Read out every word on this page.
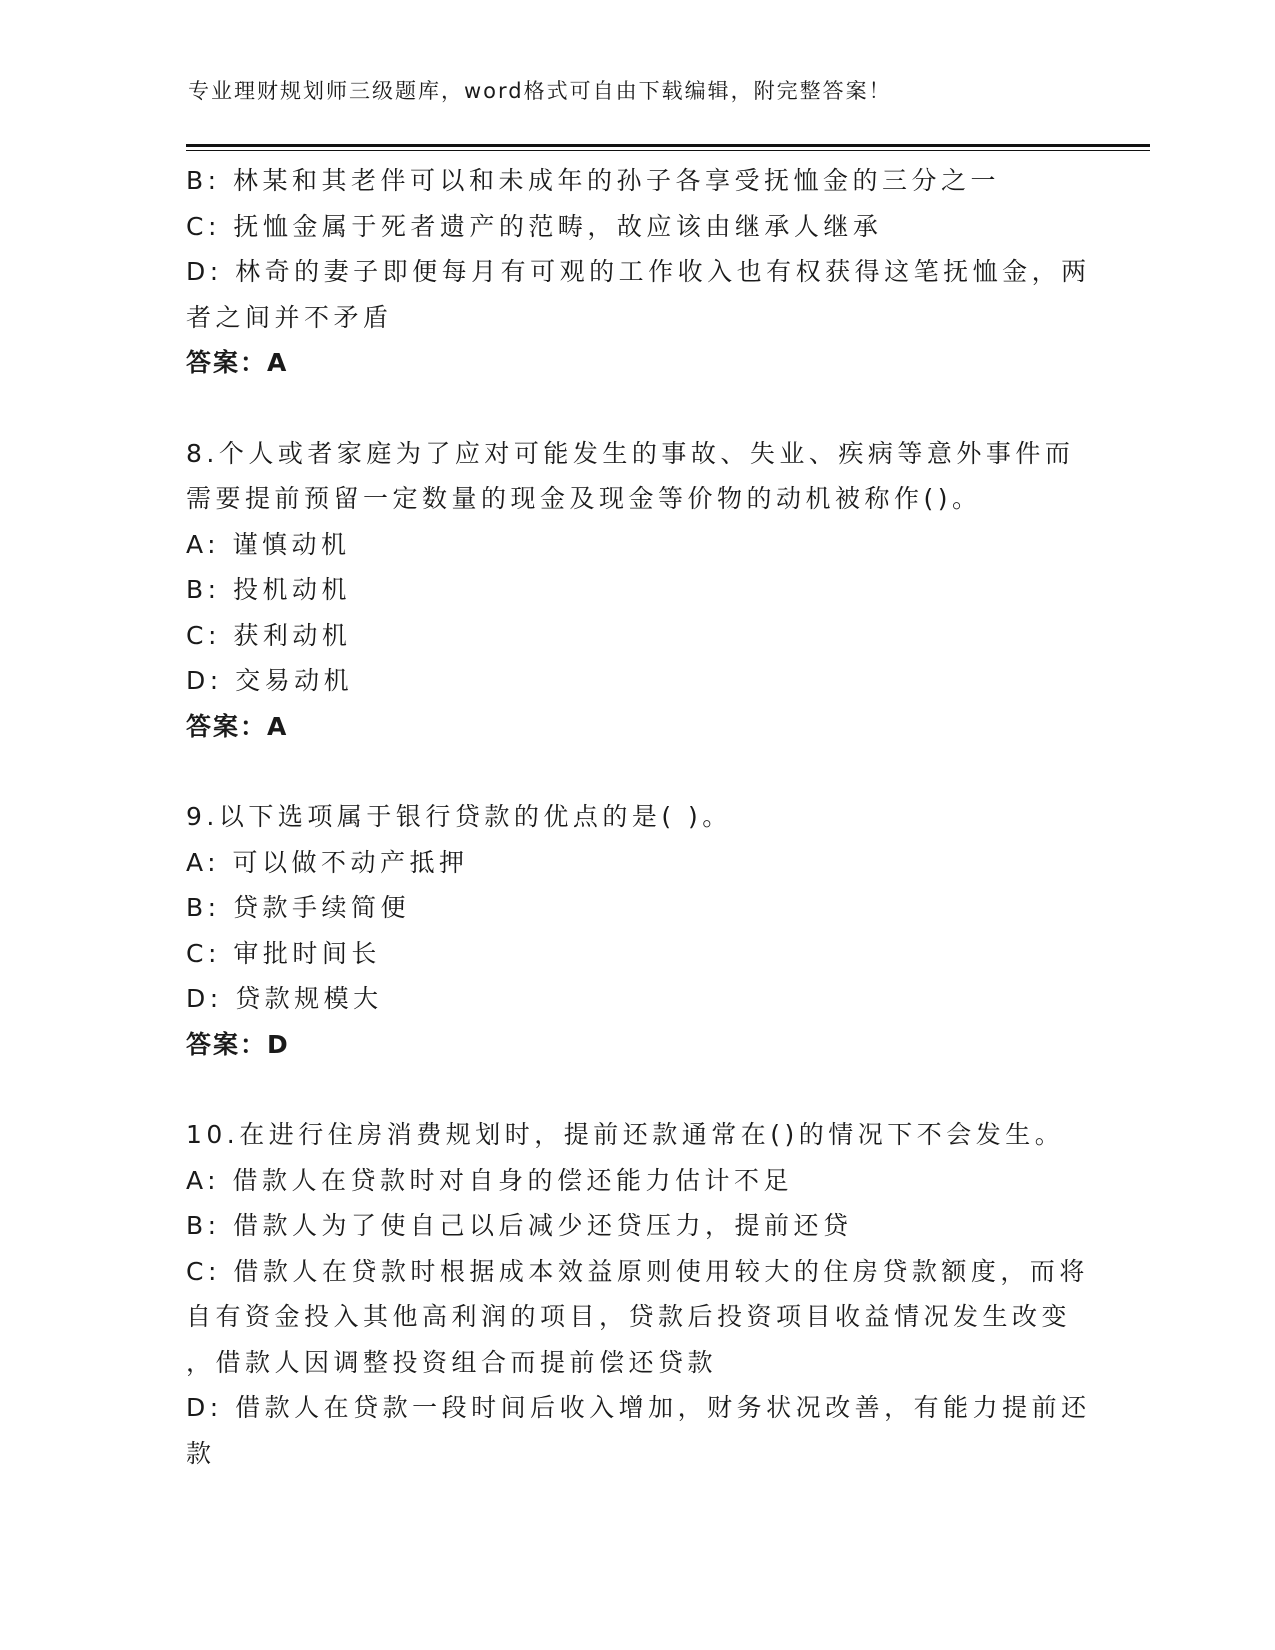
专业理财规划师三级题库，word格式可自由下载编辑，附完整答案！
B: 林某和其老伴可以和未成年的孙子各享受抚恤金的三分之一
C: 抚恤金属于死者遗产的范畴，故应该由继承人继承
D: 林奇的妻子即便每月有可观的工作收入也有权获得这笔抚恤金，两
者之间并不矛盾
答案：A
8.个人或者家庭为了应对可能发生的事故、失业、疾病等意外事件而
需要提前预留一定数量的现金及现金等价物的动机被称作()。
A: 谨慎动机
B: 投机动机
C: 获利动机
D: 交易动机
答案：A
9.以下选项属于银行贷款的优点的是( )。
A: 可以做不动产抵押
B: 贷款手续简便
C: 审批时间长
D: 贷款规模大
答案：D
10.在进行住房消费规划时，提前还款通常在()的情况下不会发生。
A: 借款人在贷款时对自身的偿还能力估计不足
B: 借款人为了使自己以后减少还贷压力，提前还贷
C: 借款人在贷款时根据成本效益原则使用较大的住房贷款额度，而将
自有资金投入其他高利润的项目，贷款后投资项目收益情况发生改变
，借款人因调整投资组合而提前偿还贷款
D: 借款人在贷款一段时间后收入增加，财务状况改善，有能力提前还
款
